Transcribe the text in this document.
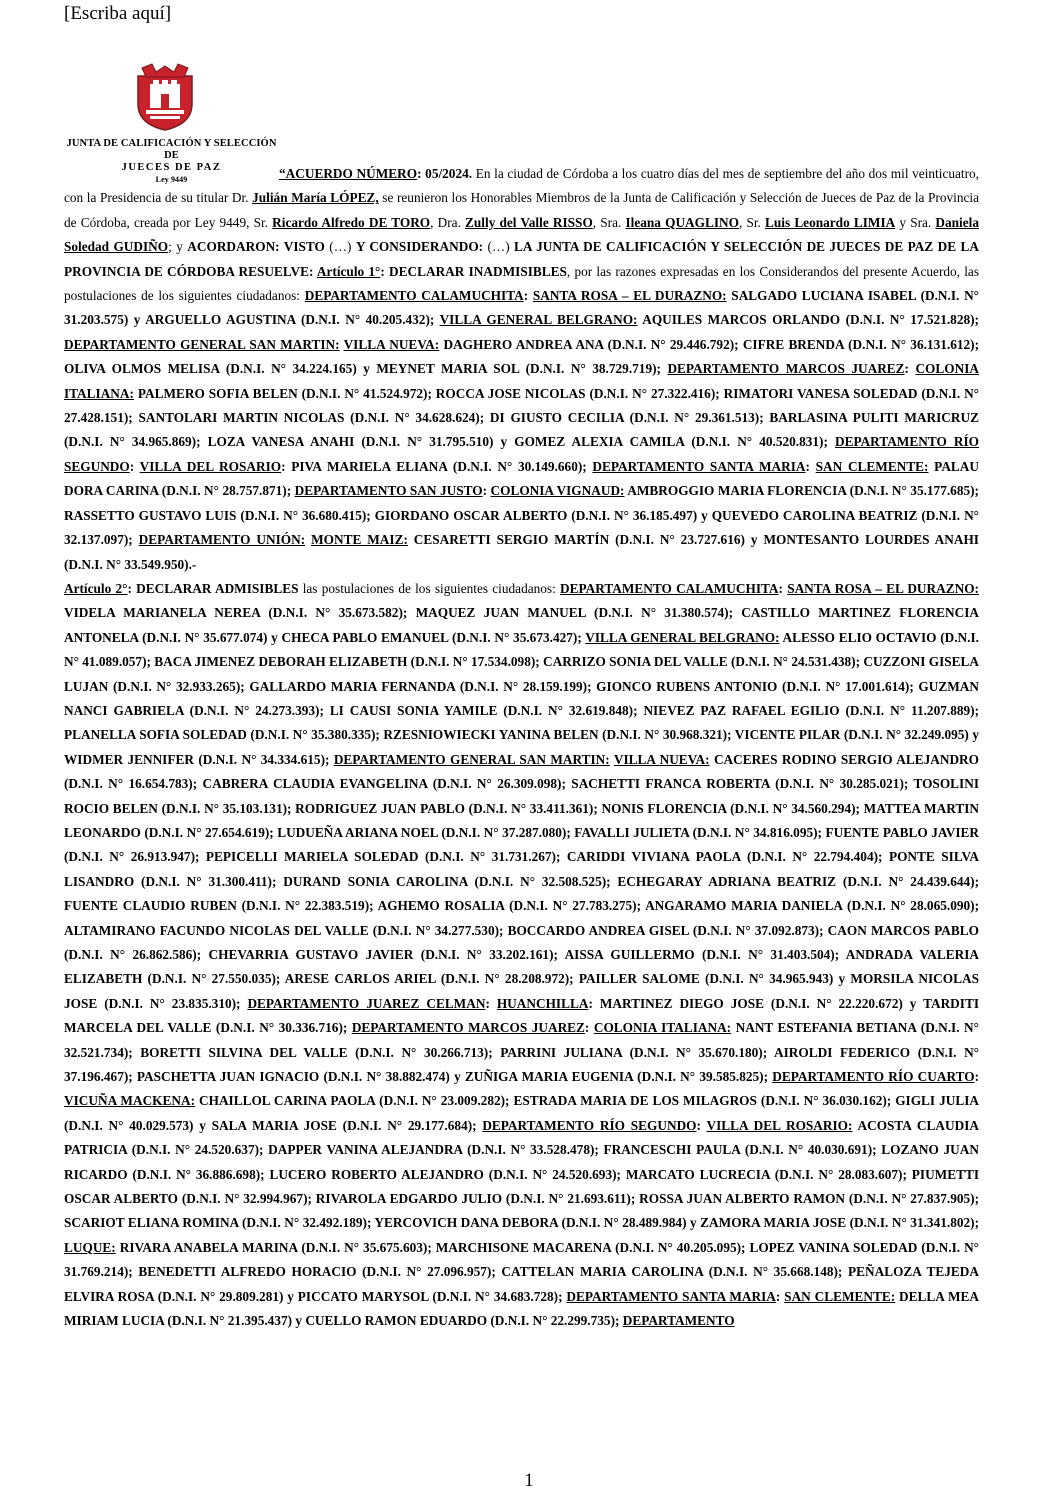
[Escriba aquí]
JUNTA DE CALIFICACIÓN Y SELECCIÓN DE
JUECES DE PAZ
Ley 9449	“ACUERDO NÚMERO: 05/2024. En la ciudad de Córdoba a los cuatro días del mes de septiembre del año dos mil veinticuatro, con la Presidencia de su titular Dr. Julián María LÓPEZ, se reunieron los Honorables Miembros de la Junta de Calificación y Selección de Jueces de Paz de la Provincia de Córdoba, creada por Ley 9449, Sr. Ricardo Alfredo DE TORO, Dra. Zully del Valle RISSO, Sra. Ileana QUAGLINO, Sr. Luis Leonardo LIMIA y Sra. Daniela Soledad GUDIÑO; y ACORDARON: VISTO (…) Y CONSIDERANDO: (…) LA JUNTA DE CALIFICACIÓN Y SELECCIÓN DE JUECES DE PAZ DE LA PROVINCIA DE CÓRDOBA RESUELVE: Artículo 1°: DECLARAR INADMISIBLES, por las razones expresadas en los Considerandos del presente Acuerdo, las postulaciones de los siguientes ciudadanos: DEPARTAMENTO CALAMUCHITA: SANTA ROSA – EL DURAZNO: SALGADO LUCIANA ISABEL (D.N.I. N° 31.203.575) y ARGUELLO AGUSTINA (D.N.I. N° 40.205.432); VILLA GENERAL BELGRANO: AQUILES MARCOS ORLANDO (D.N.I. N° 17.521.828); DEPARTAMENTO GENERAL SAN MARTIN: VILLA NUEVA: DAGHERO ANDREA ANA (D.N.I. N° 29.446.792); CIFRE BRENDA (D.N.I. N° 36.131.612); OLIVA OLMOS MELISA (D.N.I. N° 34.224.165) y MEYNET MARIA SOL (D.N.I. N° 38.729.719); DEPARTAMENTO MARCOS JUAREZ: COLONIA ITALIANA: PALMERO SOFIA BELEN (D.N.I. N° 41.524.972); ROCCA JOSE NICOLAS (D.N.I. N° 27.322.416); RIMATORI VANESA SOLEDAD (D.N.I. N° 27.428.151); SANTOLARI MARTIN NICOLAS (D.N.I. N° 34.628.624); DI GIUSTO CECILIA (D.N.I. N° 29.361.513); BARLASINA PULITI MARICRUZ (D.N.I. N° 34.965.869); LOZA VANESA ANAHI (D.N.I. N° 31.795.510) y GOMEZ ALEXIA CAMILA (D.N.I. N° 40.520.831); DEPARTAMENTO RÍO SEGUNDO: VILLA DEL ROSARIO: PIVA MARIELA ELIANA (D.N.I. N° 30.149.660); DEPARTAMENTO SANTA MARIA: SAN CLEMENTE: PALAU DORA CARINA (D.N.I. N° 28.757.871); DEPARTAMENTO SAN JUSTO: COLONIA VIGNAUD: AMBROGGIO MARIA FLORENCIA (D.N.I. N° 35.177.685); RASSETTO GUSTAVO LUIS (D.N.I. N° 36.680.415); GIORDANO OSCAR ALBERTO (D.N.I. N° 36.185.497) y QUEVEDO CAROLINA BEATRIZ (D.N.I. N° 32.137.097); DEPARTAMENTO UNIÓN: MONTE MAIZ: CESARETTI SERGIO MARTÍN (D.N.I. N° 23.727.616) y MONTESANTO LOURDES ANAHI (D.N.I. N° 33.549.950).-

Artículo 2°: DECLARAR ADMISIBLES las postulaciones de los siguientes ciudadanos: DEPARTAMENTO CALAMUCHITA: SANTA ROSA – EL DURAZNO: VIDELA MARIANELA NEREA (D.N.I. N° 35.673.582); MAQUEZ JUAN MANUEL (D.N.I. N° 31.380.574); CASTILLO MARTINEZ FLORENCIA ANTONELA (D.N.I. N° 35.677.074) y CHECA PABLO EMANUEL (D.N.I. N° 35.673.427); VILLA GENERAL BELGRANO: ALESSO ELIO OCTAVIO (D.N.I. N° 41.089.057); BACA JIMENEZ DEBORAH ELIZABETH (D.N.I. N° 17.534.098); CARRIZO SONIA DEL VALLE (D.N.I. N° 24.531.438); CUZZONI GISELA LUJAN (D.N.I. N° 32.933.265); GALLARDO MARIA FERNANDA (D.N.I. N° 28.159.199); GIONCO RUBENS ANTONIO (D.N.I. N° 17.001.614); GUZMAN NANCI GABRIELA (D.N.I. N° 24.273.393); LI CAUSI SONIA YAMILE (D.N.I. N° 32.619.848); NIEVEZ PAZ RAFAEL EGILIO (D.N.I. N° 11.207.889); PLANELLA SOFIA SOLEDAD (D.N.I. N° 35.380.335); RZESNIOWIECKI YANINA BELEN (D.N.I. N° 30.968.321); VICENTE PILAR (D.N.I. N° 32.249.095) y WIDMER JENNIFER (D.N.I. N° 34.334.615); DEPARTAMENTO GENERAL SAN MARTIN: VILLA NUEVA: CACERES RODINO SERGIO ALEJANDRO (D.N.I. N° 16.654.783); CABRERA CLAUDIA EVANGELINA (D.N.I. N° 26.309.098); SACHETTI FRANCA ROBERTA (D.N.I. N° 30.285.021); TOSOLINI ROCIO BELEN (D.N.I. N° 35.103.131); RODRIGUEZ JUAN PABLO (D.N.I. N° 33.411.361); NONIS FLORENCIA (D.N.I. N° 34.560.294); MATTEA MARTIN LEONARDO (D.N.I. N° 27.654.619); LUDUEÑA ARIANA NOEL (D.N.I. N° 37.287.080); FAVALLI JULIETA (D.N.I. N° 34.816.095); FUENTE PABLO JAVIER (D.N.I. N° 26.913.947); PEPICELLI MARIELA SOLEDAD (D.N.I. N° 31.731.267); CARIDDI VIVIANA PAOLA (D.N.I. N° 22.794.404); PONTE SILVA LISANDRO (D.N.I. N° 31.300.411); DURAND SONIA CAROLINA (D.N.I. N° 32.508.525); ECHEGARAY ADRIANA BEATRIZ (D.N.I. N° 24.439.644); FUENTE CLAUDIO RUBEN (D.N.I. N° 22.383.519); AGHEMO ROSALIA (D.N.I. N° 27.783.275); ANGARAMO MARIA DANIELA (D.N.I. N° 28.065.090); ALTAMIRANO FACUNDO NICOLAS DEL VALLE (D.N.I. N° 34.277.530); BOCCARDO ANDREA GISEL (D.N.I. N° 37.092.873); CAON MARCOS PABLO (D.N.I. N° 26.862.586); CHEVARRIA GUSTAVO JAVIER (D.N.I. N° 33.202.161); AISSA GUILLERMO (D.N.I. N° 31.403.504); ANDRADA VALERIA ELIZABETH (D.N.I. N° 27.550.035); ARESE CARLOS ARIEL (D.N.I. N° 28.208.972); PAILLER SALOME (D.N.I. N° 34.965.943) y MORSILA NICOLAS JOSE (D.N.I. N° 23.835.310); DEPARTAMENTO JUAREZ CELMAN: HUANCHILLA: MARTINEZ DIEGO JOSE (D.N.I. N° 22.220.672) y TARDITI MARCELA DEL VALLE (D.N.I. N° 30.336.716); DEPARTAMENTO MARCOS JUAREZ: COLONIA ITALIANA: NANT ESTEFANIA BETIANA (D.N.I. N° 32.521.734); BORETTI SILVINA DEL VALLE (D.N.I. N° 30.266.713); PARRINI JULIANA (D.N.I. N° 35.670.180); AIROLDI FEDERICO (D.N.I. N° 37.196.467); PASCHETTA JUAN IGNACIO (D.N.I. N° 38.882.474) y ZUÑIGA MARIA EUGENIA (D.N.I. N° 39.585.825); DEPARTAMENTO RÍO CUARTO: VICUÑA MACKENA: CHAILLOL CARINA PAOLA (D.N.I. N° 23.009.282); ESTRADA MARIA DE LOS MILAGROS (D.N.I. N° 36.030.162); GIGLI JULIA (D.N.I. N° 40.029.573) y SALA MARIA JOSE (D.N.I. N° 29.177.684); DEPARTAMENTO RÍO SEGUNDO: VILLA DEL ROSARIO: ACOSTA CLAUDIA PATRICIA (D.N.I. N° 24.520.637); DAPPER VANINA ALEJANDRA (D.N.I. N° 33.528.478); FRANCESCHI PAULA (D.N.I. N° 40.030.691); LOZANO JUAN RICARDO (D.N.I. N° 36.886.698); LUCERO ROBERTO ALEJANDRO (D.N.I. N° 24.520.693); MARCATO LUCRECIA (D.N.I. N° 28.083.607); PIUMETTI OSCAR ALBERTO (D.N.I. N° 32.994.967); RIVAROLA EDGARDO JULIO (D.N.I. N° 21.693.611); ROSSA JUAN ALBERTO RAMON (D.N.I. N° 27.837.905); SCARIOT ELIANA ROMINA (D.N.I. N° 32.492.189); YERCOVICH DANA DEBORA (D.N.I. N° 28.489.984) y ZAMORA MARIA JOSE (D.N.I. N° 31.341.802); LUQUE: RIVARA ANABELA MARINA (D.N.I. N° 35.675.603); MARCHISONE MACARENA (D.N.I. N° 40.205.095); LOPEZ VANINA SOLEDAD (D.N.I. N° 31.769.214); BENEDETTI ALFREDO HORACIO (D.N.I. N° 27.096.957); CATTELAN MARIA CAROLINA (D.N.I. N° 35.668.148); PEÑALOZA TEJEDA ELVIRA ROSA (D.N.I. N° 29.809.281) y PICCATO MARYSOL (D.N.I. N° 34.683.728); DEPARTAMENTO SANTA MARIA: SAN CLEMENTE: DELLA MEA MIRIAM LUCIA (D.N.I. N° 21.395.437) y CUELLO RAMON EDUARDO (D.N.I. N° 22.299.735); DEPARTAMENTO

1
